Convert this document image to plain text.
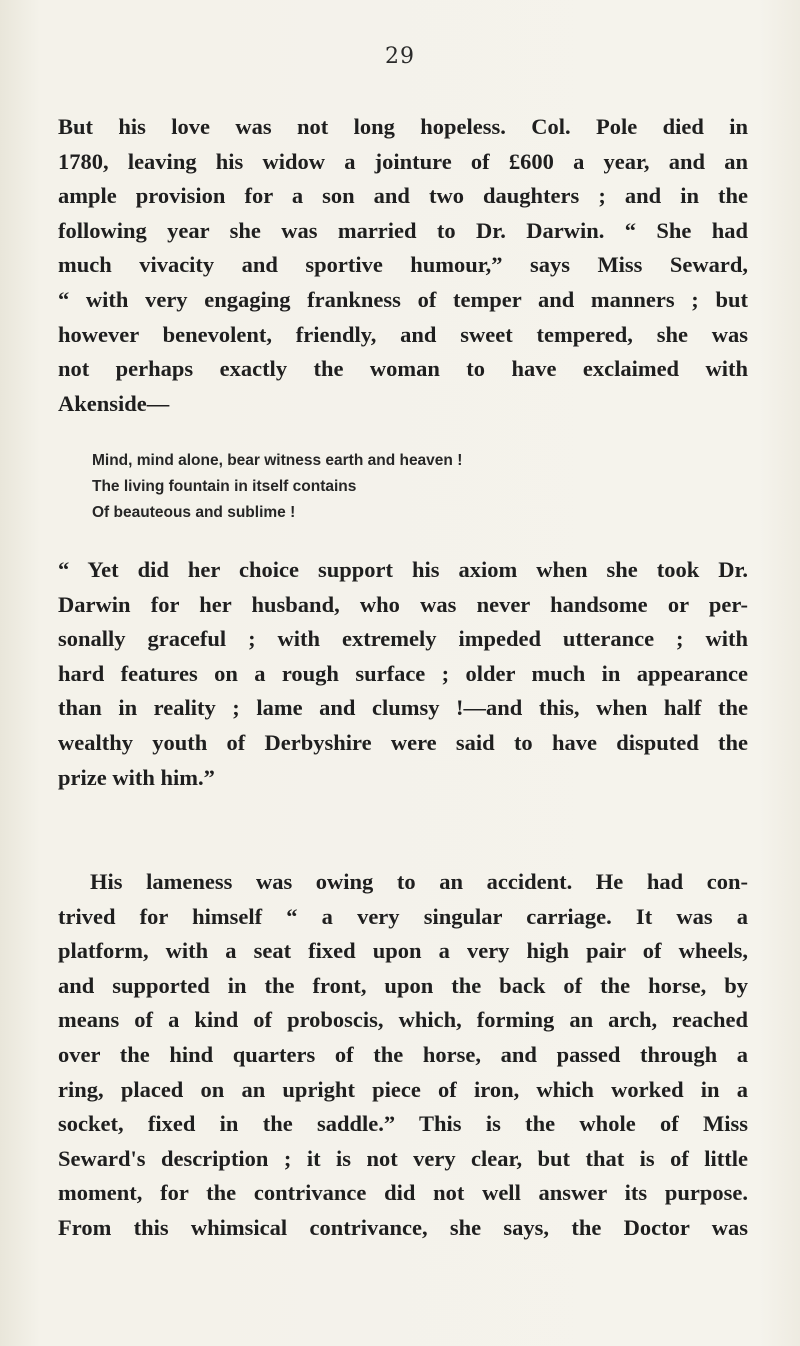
29
But his love was not long hopeless. Col. Pole died in
1780, leaving his widow a jointure of £600 a year, and an
ample provision for a son and two daughters ; and in the
following year she was married to Dr. Darwin. “ She had
much vivacity and sportive humour,” says Miss Seward,
“ with very engaging frankness of temper and manners ; but
however benevolent, friendly, and sweet tempered, she was
not perhaps exactly the woman to have exclaimed with
Akenside—
Mind, mind alone, bear witness earth and heaven !
The living fountain in itself contains
Of beauteous and sublime !
“ Yet did her choice support his axiom when she took Dr.
Darwin for her husband, who was never handsome or per-
sonally graceful ; with extremely impeded utterance ; with
hard features on a rough surface ; older much in appearance
than in reality ; lame and clumsy !—and this, when half the
wealthy youth of Derbyshire were said to have disputed the
prize with him.”
His lameness was owing to an accident. He had con-
trived for himself “ a very singular carriage. It was a
platform, with a seat fixed upon a very high pair of wheels,
and supported in the front, upon the back of the horse, by
means of a kind of proboscis, which, forming an arch, reached
over the hind quarters of the horse, and passed through a
ring, placed on an upright piece of iron, which worked in a
socket, fixed in the saddle.” This is the whole of Miss
Seward's description ; it is not very clear, but that is of little
moment, for the contrivance did not well answer its purpose.
From this whimsical contrivance, she says, the Doctor was
